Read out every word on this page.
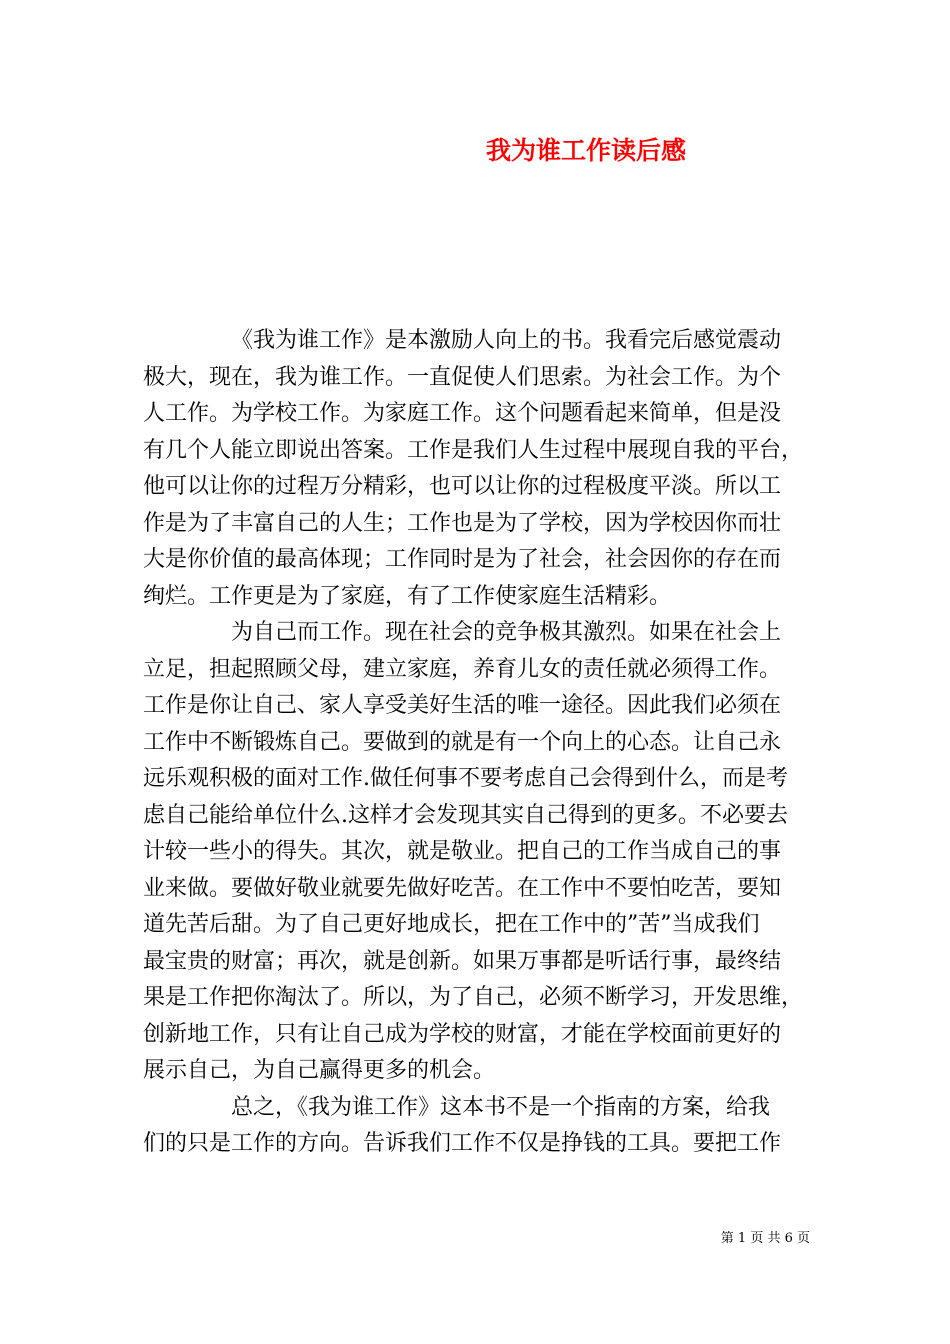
我为谁工作读后感
《我为谁工作》是本激励人向上的书。我看完后感觉震动
极大，现在，我为谁工作。一直促使人们思索。为社会工作。为个
人工作。为学校工作。为家庭工作。这个问题看起来简单，但是没
有几个人能立即说出答案。工作是我们人生过程中展现自我的平台，
他可以让你的过程万分精彩，也可以让你的过程极度平淡。所以工
作是为了丰富自己的人生；工作也是为了学校，因为学校因你而壮
大是你价值的最高体现；工作同时是为了社会，社会因你的存在而
绚烂。工作更是为了家庭，有了工作使家庭生活精彩。
为自己而工作。现在社会的竞争极其激烈。如果在社会上
立足，担起照顾父母，建立家庭，养育儿女的责任就必须得工作。
工作是你让自己、家人享受美好生活的唯一途径。因此我们必须在
工作中不断锻炼自己。要做到的就是有一个向上的心态。让自己永
远乐观积极的面对工作.做任何事不要考虑自己会得到什么，而是考
虑自己能给单位什么.这样才会发现其实自己得到的更多。不必要去
计较一些小的得失。其次，就是敬业。把自己的工作当成自己的事
业来做。要做好敬业就要先做好吃苦。在工作中不要怕吃苦，要知
道先苦后甜。为了自己更好地成长，把在工作中的”苦”当成我们
最宝贵的财富；再次，就是创新。如果万事都是听话行事，最终结
果是工作把你淘汰了。所以，为了自己，必须不断学习，开发思维，
创新地工作，只有让自己成为学校的财富，才能在学校面前更好的
展示自己，为自己赢得更多的机会。
总之，《我为谁工作》这本书不是一个指南的方案，给我
们的只是工作的方向。告诉我们工作不仅是挣钱的工具。要把工作
第 1 页 共 6 页
